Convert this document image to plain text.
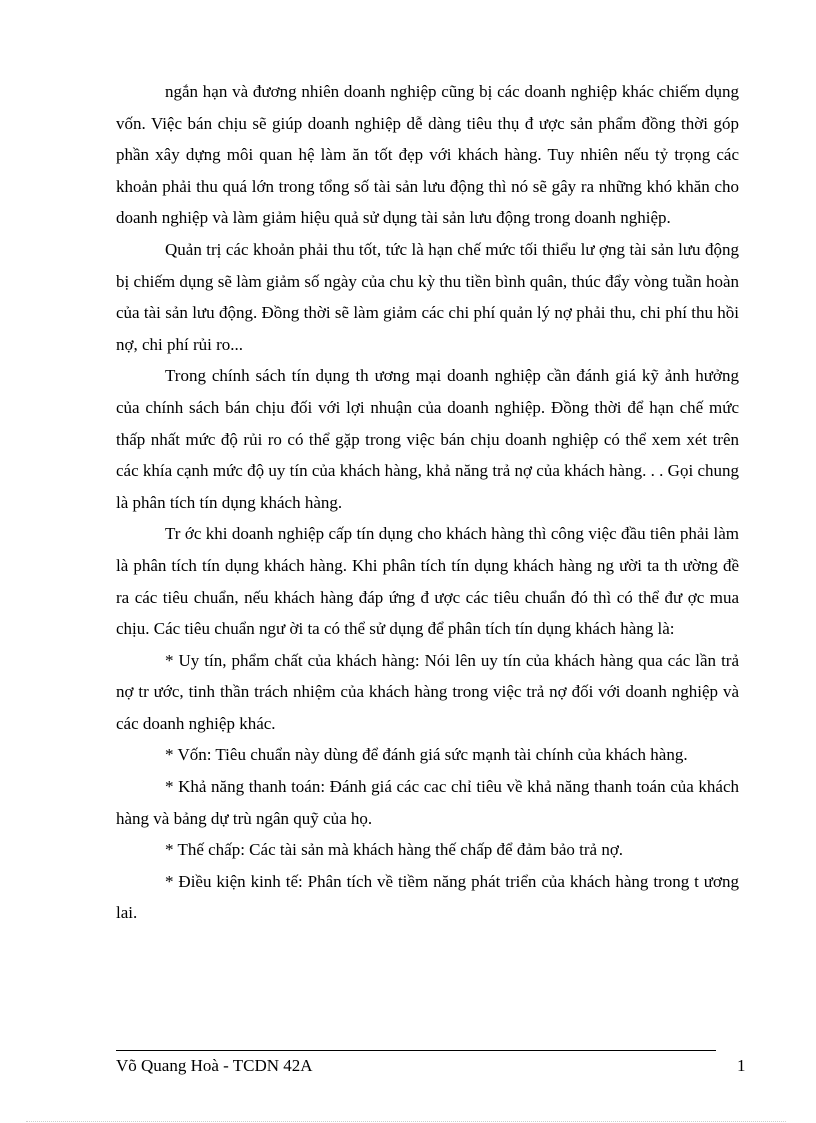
ngắn hạn và đương nhiên doanh nghiệp cũng bị các doanh nghiệp khác chiếm dụng vốn. Việc bán chịu sẽ giúp doanh nghiệp dễ dàng tiêu thụ đ ược sản phẩm đồng thời góp phần xây dựng môi quan hệ làm ăn tốt đẹp với khách hàng. Tuy nhiên nếu tỷ trọng các khoản phải thu quá lớn trong tổng số tài sản lưu động thì nó sẽ gây ra những khó khăn cho doanh nghiệp và làm giảm hiệu quả sử dụng tài sản lưu động trong doanh nghiệp.

Quản trị các khoản phải thu tốt, tức là hạn chế mức tối thiểu lư ợng tài sản lưu động bị chiếm dụng sẽ làm giảm số ngày của chu kỳ thu tiền bình quân, thúc đẩy vòng tuần hoàn của tài sản lưu động. Đồng thời sẽ làm giảm các chi phí quản lý nợ phải thu, chi phí thu hồi nợ, chi phí rủi ro...

Trong chính sách tín dụng th ương mại doanh nghiệp cần đánh giá kỹ ảnh hưởng của chính sách bán chịu đối với lợi nhuận của doanh nghiệp. Đồng thời để hạn chế mức thấp nhất mức độ rủi ro có thể gặp trong việc bán chịu doanh nghiệp có thể xem xét trên các khía cạnh mức độ uy tín của khách hàng, khả năng trả nợ của khách hàng. . . Gọi chung là phân tích tín dụng khách hàng.

Tr ớc khi doanh nghiệp cấp tín dụng cho khách hàng thì công việc đầu tiên phải làm là phân tích tín dụng khách hàng. Khi phân tích tín dụng khách hàng ng ười ta th ường đề ra các tiêu chuẩn, nếu khách hàng đáp ứng đ ược các tiêu chuẩn đó thì có thể đư ợc mua chịu. Các tiêu chuẩn ngư ời ta có thể sử dụng để phân tích tín dụng khách hàng là:

* Uy tín, phẩm chất của khách hàng: Nói lên uy tín của khách hàng qua các lần trả nợ tr ước, tinh thần trách nhiệm của khách hàng trong việc trả nợ đối với doanh nghiệp và các doanh nghiệp khác.

* Vốn: Tiêu chuẩn này dùng để đánh giá sức mạnh tài chính của khách hàng.

* Khả năng thanh toán: Đánh giá các cac chỉ tiêu về khả năng thanh toán của khách hàng và bảng dự trù ngân quỹ của họ.

* Thế chấp: Các tài sản mà khách hàng thế chấp để đảm bảo trả nợ.

* Điều kiện kinh tế: Phân tích về tiềm năng phát triển của khách hàng trong t ương lai.

Võ Quang Hoà - TCDN 42A	1
